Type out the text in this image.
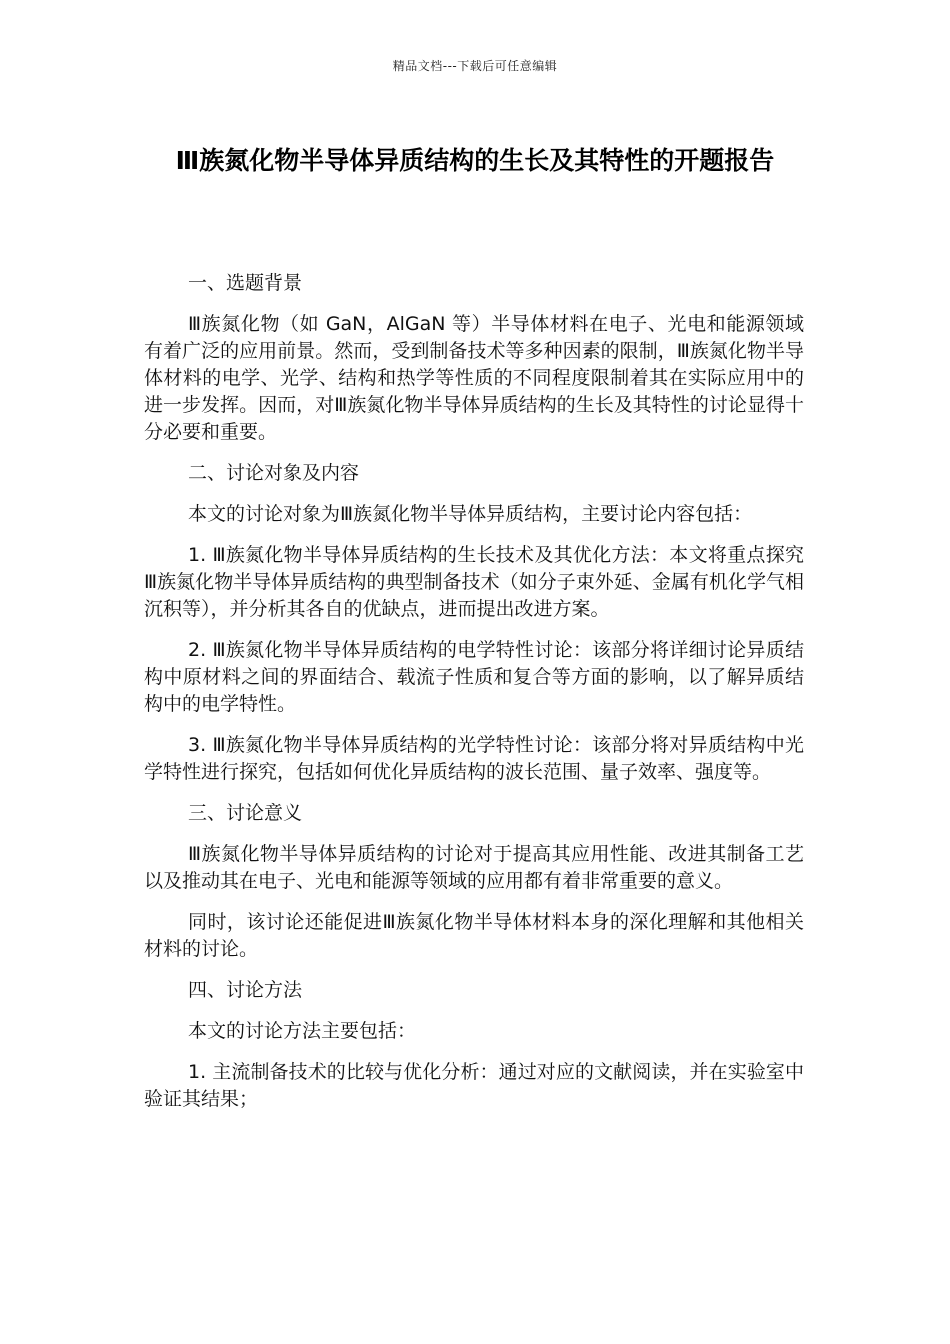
精品文档---下载后可任意编辑
Ⅲ族氮化物半导体异质结构的生长及其特性的开题报告

一、选题背景

Ⅲ族氮化物（如 GaN，AlGaN 等）半导体材料在电子、光电和能源领域有着广泛的应用前景。然而，受到制备技术等多种因素的限制，Ⅲ族氮化物半导体材料的电学、光学、结构和热学等性质的不同程度限制着其在实际应用中的进一步发挥。因而，对Ⅲ族氮化物半导体异质结构的生长及其特性的讨论显得十分必要和重要。

二、讨论对象及内容

本文的讨论对象为Ⅲ族氮化物半导体异质结构，主要讨论内容包括：

1. Ⅲ族氮化物半导体异质结构的生长技术及其优化方法：本文将重点探究Ⅲ族氮化物半导体异质结构的典型制备技术（如分子束外延、金属有机化学气相沉积等），并分析其各自的优缺点，进而提出改进方案。

2. Ⅲ族氮化物半导体异质结构的电学特性讨论：该部分将详细讨论异质结构中原材料之间的界面结合、载流子性质和复合等方面的影响，以了解异质结构中的电学特性。

3. Ⅲ族氮化物半导体异质结构的光学特性讨论：该部分将对异质结构中光学特性进行探究，包括如何优化异质结构的波长范围、量子效率、强度等。

三、讨论意义

Ⅲ族氮化物半导体异质结构的讨论对于提高其应用性能、改进其制备工艺以及推动其在电子、光电和能源等领域的应用都有着非常重要的意义。

同时，该讨论还能促进Ⅲ族氮化物半导体材料本身的深化理解和其他相关材料的讨论。

四、讨论方法

本文的讨论方法主要包括：

1. 主流制备技术的比较与优化分析：通过对应的文献阅读，并在实验室中验证其结果；
